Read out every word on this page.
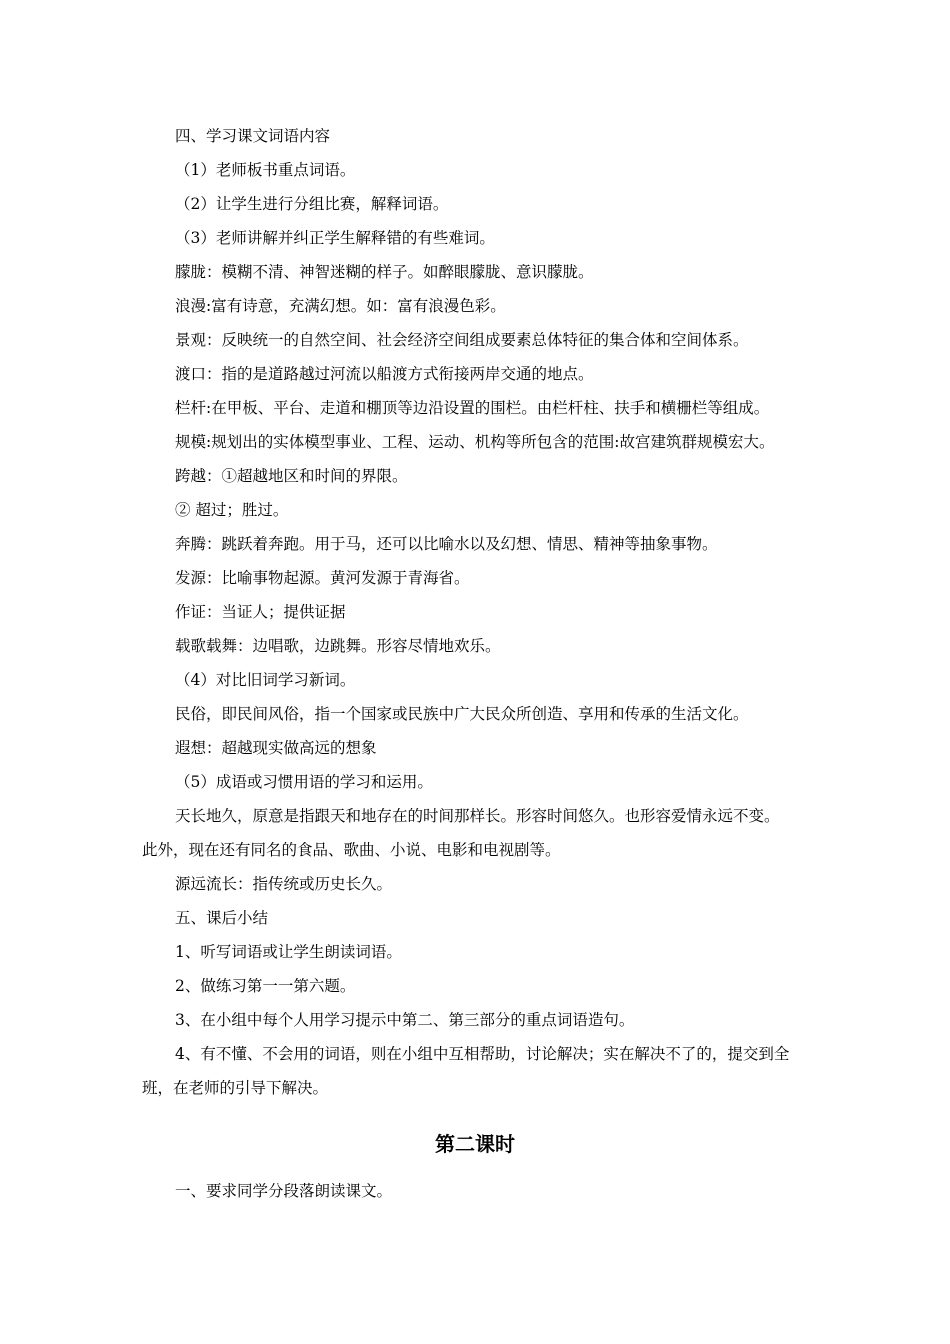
四、学习课文词语内容
（1）老师板书重点词语。
（2）让学生进行分组比赛，解释词语。
（3）老师讲解并纠正学生解释错的有些难词。
朦胧：模糊不清、神智迷糊的样子。如醉眼朦胧、意识朦胧。
浪漫:富有诗意，充满幻想。如：富有浪漫色彩。
景观：反映统一的自然空间、社会经济空间组成要素总体特征的集合体和空间体系。
渡口：指的是道路越过河流以船渡方式衔接两岸交通的地点。
栏杆:在甲板、平台、走道和棚顶等边沿设置的围栏。由栏杆柱、扶手和横栅栏等组成。
规模:规划出的实体模型事业、工程、运动、机构等所包含的范围:故宫建筑群规模宏大。
跨越：①超越地区和时间的界限。
② 超过；胜过。
奔腾：跳跃着奔跑。用于马，还可以比喻水以及幻想、情思、精神等抽象事物。
发源：比喻事物起源。黄河发源于青海省。
作证：当证人；提供证据
载歌载舞：边唱歌，边跳舞。形容尽情地欢乐。
（4）对比旧词学习新词。
民俗，即民间风俗，指一个国家或民族中广大民众所创造、享用和传承的生活文化。
遐想：超越现实做高远的想象
（5）成语或习惯用语的学习和运用。
天长地久，原意是指跟天和地存在的时间那样长。形容时间悠久。也形容爱情永远不变。
此外，现在还有同名的食品、歌曲、小说、电影和电视剧等。
源远流长：指传统或历史长久。
五、课后小结
1、听写词语或让学生朗读词语。
2、做练习第一一第六题。
3、在小组中每个人用学习提示中第二、第三部分的重点词语造句。
4、有不懂、不会用的词语，则在小组中互相帮助，讨论解决；实在解决不了的，提交到全
班，在老师的引导下解决。
第二课时
一、要求同学分段落朗读课文。
